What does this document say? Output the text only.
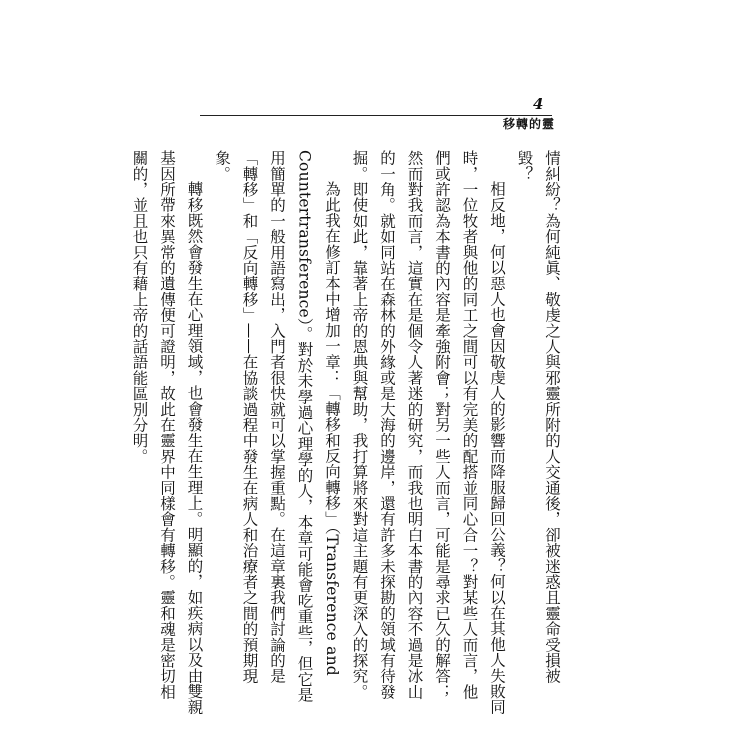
4
移轉的靈

情糾紛？為何純眞、敬虔之人與邪靈所附的人交通後，卻被迷惑且靈命受損被毀？

相反地，何以惡人也會因敬虔人的影響而降服歸回公義？何以在其他人失敗同時，一位牧者與他的同工之間可以有完美的配搭並同心合一？對某些人而言，他們或許認為本書的內容是牽強附會；對另一些人而言，可能是尋求已久的解答；然而對我而言，這實在是個令人著迷的研究，而我也明白本書的內容不過是冰山的一角。就如同站在森林的外緣或是大海的邊岸，還有許多未探勘的領域有待發掘。即使如此，靠著上帝的恩典與幫助，我打算將來對這主題有更深入的探究。

為此我在修訂本中增加一章：「轉移和反向轉移」（Transference and Countertransference）。對於未學過心理學的人，本章可能會吃重些，但它是用簡單的一般用語寫出，入門者很快就可以掌握重點。在這章裏我們討論的是「轉移」和「反向轉移」——在協談過程中發生在病人和治療者之間的預期現象。

轉移既然會發生在心理領域，也會發生在生理上。明顯的，如疾病以及由雙親基因所帶來異常的遺傳便可證明，故此在靈界中同樣會有轉移。靈和魂是密切相關的，並且也只有藉上帝的話語能區別分明。
